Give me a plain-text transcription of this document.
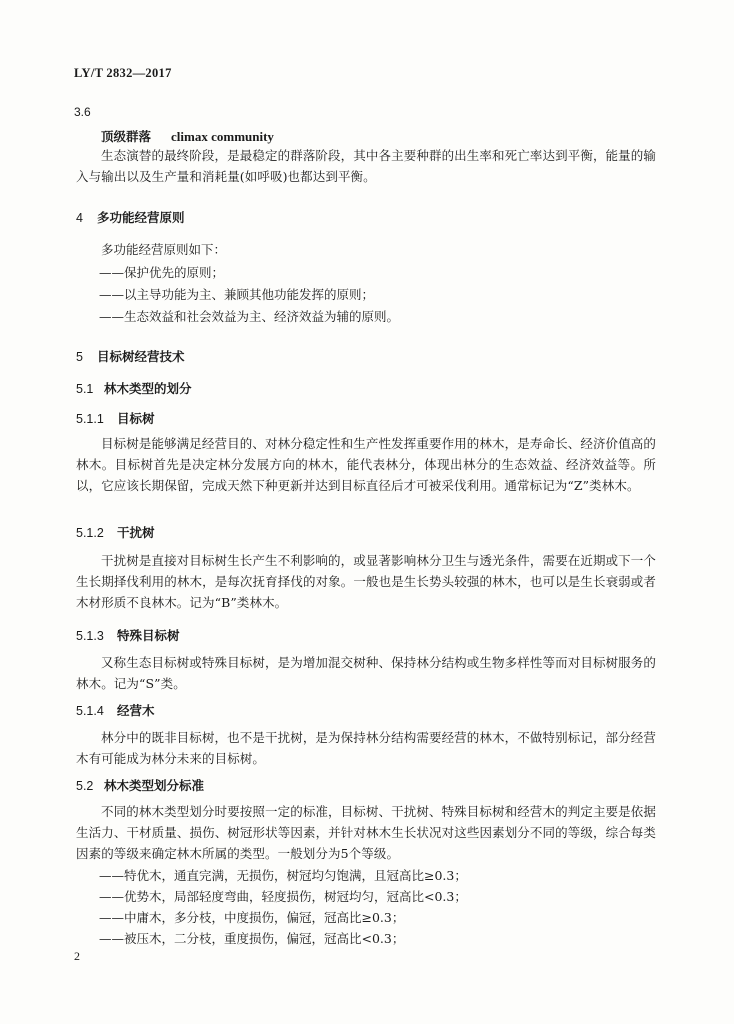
LY/T 2832—2017
3.6
顶级群落 climax community
生态演替的最终阶段，是最稳定的群落阶段，其中各主要种群的出生率和死亡率达到平衡，能量的输入与输出以及生产量和消耗量(如呼吸)也都达到平衡。
4 多功能经营原则
多功能经营原则如下：
——保护优先的原则；
——以主导功能为主、兼顾其他功能发挥的原则；
——生态效益和社会效益为主、经济效益为辅的原则。
5 目标树经营技术
5.1 林木类型的划分
5.1.1 目标树
目标树是能够满足经营目的、对林分稳定性和生产性发挥重要作用的林木，是寿命长、经济价值高的林木。目标树首先是决定林分发展方向的林木，能代表林分，体现出林分的生态效益、经济效益等。所以，它应该长期保留，完成天然下种更新并达到目标直径后才可被采伐利用。通常标记为“Z”类林木。
5.1.2 干扰树
干扰树是直接对目标树生长产生不利影响的，或显著影响林分卫生与透光条件，需要在近期或下一个生长期择伐利用的林木，是每次抚育择伐的对象。一般也是生长势头较强的林木，也可以是生长衰弱或者木材形质不良林木。记为“B”类林木。
5.1.3 特殊目标树
又称生态目标树或特殊目标树，是为增加混交树种、保持林分结构或生物多样性等而对目标树服务的林木。记为“S”类。
5.1.4 经营木
林分中的既非目标树，也不是干扰树，是为保持林分结构需要经营的林木，不做特别标记，部分经营木有可能成为林分未来的目标树。
5.2 林木类型划分标准
不同的林木类型划分时要按照一定的标准，目标树、干扰树、特殊目标树和经营木的判定主要是依据生活力、干材质量、损伤、树冠形状等因素，并针对林木生长状况对这些因素划分不同的等级，综合每类因素的等级来确定林木所属的类型。一般划分为5个等级。
——特优木，通直完满，无损伤，树冠均匀饱满，且冠高比≥0.3；
——优势木，局部轻度弯曲，轻度损伤，树冠均匀，冠高比<0.3；
——中庸木，多分枝，中度损伤，偏冠，冠高比≥0.3；
——被压木，二分枝，重度损伤，偏冠，冠高比<0.3；
2
